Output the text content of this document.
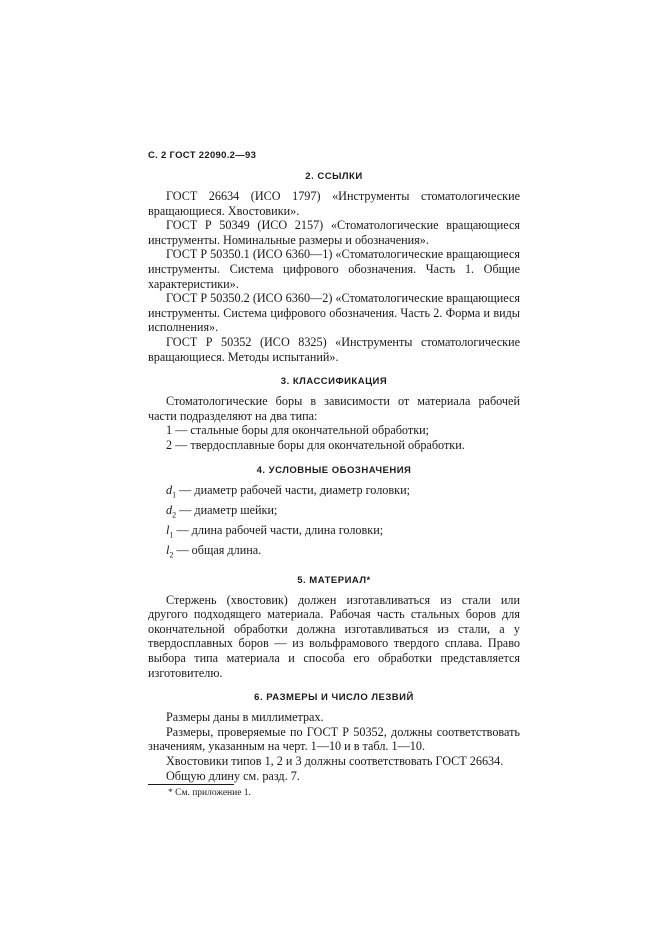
С. 2 ГОСТ 22090.2—93
2. ССЫЛКИ

ГОСТ 26634 (ИСО 1797) «Инструменты стоматологические вращающиеся. Хвостовики».

ГОСТ Р 50349 (ИСО 2157) «Стоматологические вращающиеся инструменты. Номинальные размеры и обозначения».

ГОСТ Р 50350.1 (ИСО 6360—1) «Стоматологические вращающиеся инструменты. Система цифрового обозначения. Часть 1. Общие характеристики».

ГОСТ Р 50350.2 (ИСО 6360—2) «Стоматологические вращающиеся инструменты. Система цифрового обозначения. Часть 2. Форма и виды исполнения».

ГОСТ Р 50352 (ИСО 8325) «Инструменты стоматологические вращающиеся. Методы испытаний».

3. КЛАССИФИКАЦИЯ

Стоматологические боры в зависимости от материала рабочей части подразделяют на два типа:

1 — стальные боры для окончательной обработки;
2 — твердосплавные боры для окончательной обработки.
4. УСЛОВНЫЕ ОБОЗНАЧЕНИЯ
$d_1$ — диаметр рабочей части, диаметр головки;
$d_2$ — диаметр шейки;
$l_1$ — длина рабочей части, длина головки;
$l_2$ — общая длина.
5. МАТЕРИАЛ*

Стержень (хвостовик) должен изготавливаться из стали или другого подходящего материала. Рабочая часть стальных боров для окончательной обработки должна изготавливаться из стали, а у твердосплавных боров — из вольфрамового твердого сплава. Право выбора типа материала и способа его обработки представляется изготовителю.

6. РАЗМЕРЫ И ЧИСЛО ЛЕЗВИЙ

Размеры даны в миллиметрах.

Размеры, проверяемые по ГОСТ Р 50352, должны соответствовать значениям, указанным на черт. 1—10 и в табл. 1—10.

Хвостовики типов 1, 2 и 3 должны соответствовать ГОСТ 26634.

Общую длину см. разд. 7.

* См. приложение 1.
